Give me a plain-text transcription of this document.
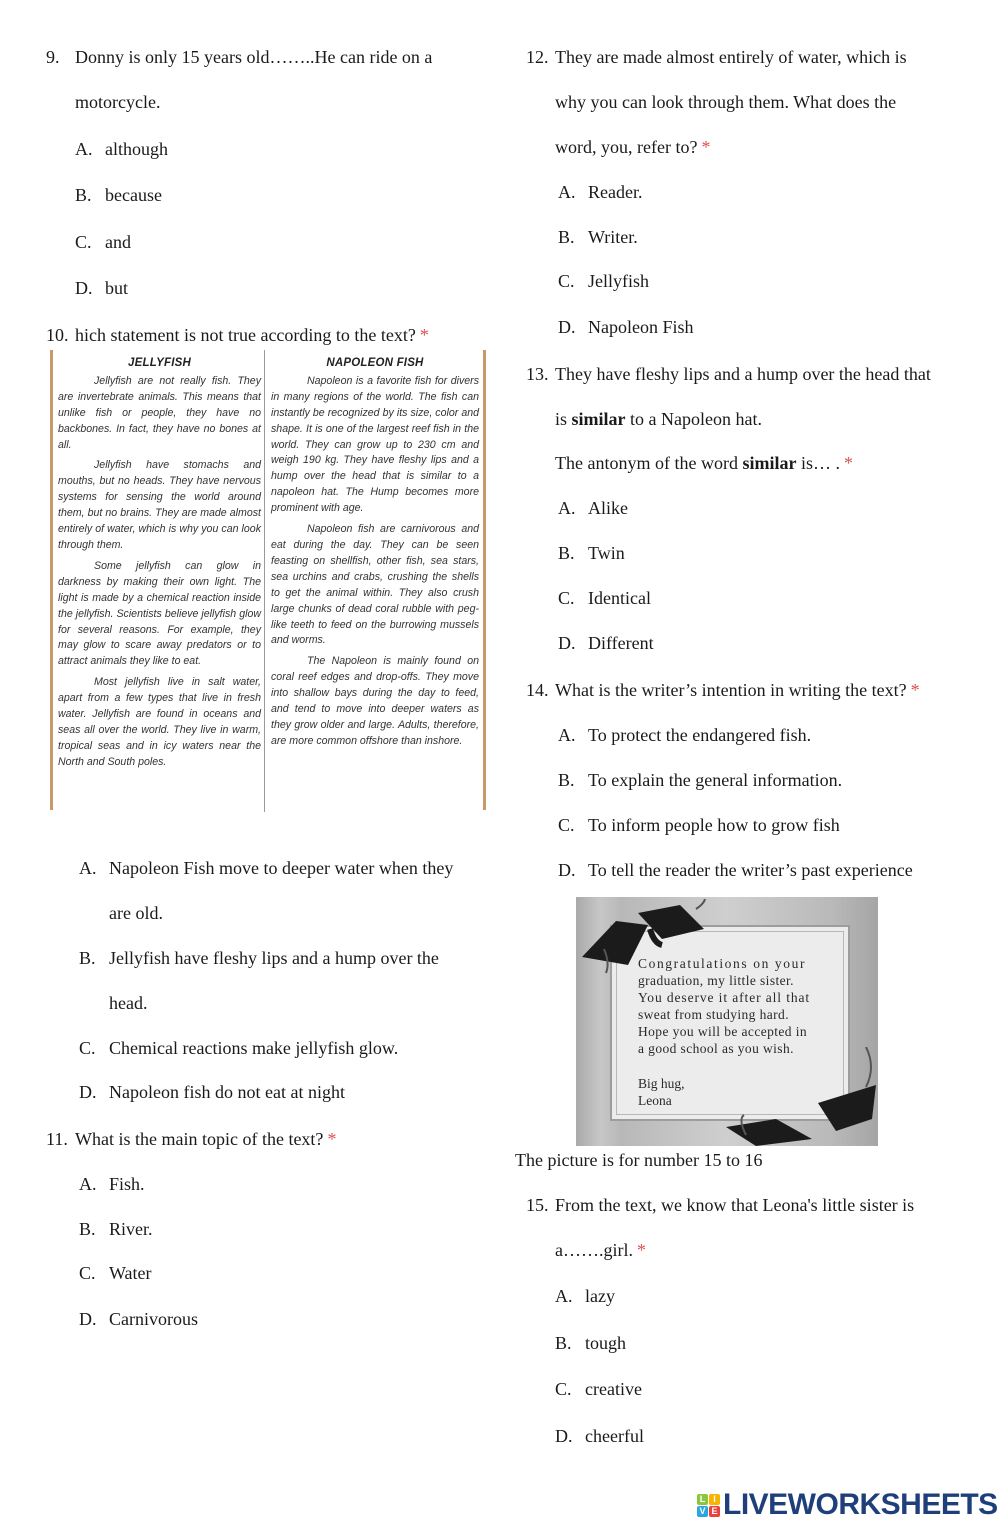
9. Donny is only 15 years old……..He can ride on a
motorcycle.
A. although
B. because
C. and
D. but
10. hich statement is not true according to the text? *
JELLYFISH

Jellyfish are not really fish. They are invertebrate animals. This means that unlike fish or people, they have no backbones. In fact, they have no bones at all.

Jellyfish have stomachs and mouths, but no heads. They have nervous systems for sensing the world around them, but no brains. They are made almost entirely of water, which is why you can look through them.

Some jellyfish can glow in darkness by making their own light. The light is made by a chemical reaction inside the jellyfish. Scientists believe jellyfish glow for several reasons. For example, they may glow to scare away predators or to attract animals they like to eat.

Most jellyfish live in salt water, apart from a few types that live in fresh water. Jellyfish are found in oceans and seas all over the world. They live in warm, tropical seas and in icy waters near the North and South poles.

NAPOLEON FISH

Napoleon is a favorite fish for divers in many regions of the world. The fish can instantly be recognized by its size, color and shape. It is one of the largest reef fish in the world. They can grow up to 230 cm and weigh 190 kg. They have fleshy lips and a hump over the head that is similar to a napoleon hat. The Hump becomes more prominent with age.

Napoleon fish are carnivorous and eat during the day. They can be seen feasting on shellfish, other fish, sea stars, sea urchins and crabs, crushing the shells to get the animal within. They also crush large chunks of dead coral rubble with peg-like teeth to feed on the burrowing mussels and worms.

The Napoleon is mainly found on coral reef edges and drop-offs. They move into shallow bays during the day to feed, and tend to move into deeper waters as they grow older and large. Adults, therefore, are more common offshore than inshore.

A. Napoleon Fish move to deeper water when they
are old.
B. Jellyfish have fleshy lips and a hump over the
head.
C. Chemical reactions make jellyfish glow.
D. Napoleon fish do not eat at night
11. What is the main topic of the text? *
A. Fish.
B. River.
C. Water
D. Carnivorous
12. They are made almost entirely of water, which is
why you can look through them. What does the
word, you, refer to? *
A. Reader.
B. Writer.
C. Jellyfish
D. Napoleon Fish
13. They have fleshy lips and a hump over the head that
is similar to a Napoleon hat.
The antonym of the word similar is… . *
A. Alike
B. Twin
C. Identical
D. Different
14. What is the writer’s intention in writing the text? *
A. To protect the endangered fish.
B. To explain the general information.
C. To inform people how to grow fish
D. To tell the reader the writer’s past experience
Congratulations on your
graduation, my little sister.
You deserve it after all that
sweat from studying hard.
Hope you will be accepted in
a good school as you wish.
Big hug,
Leona
The picture is for number 15 to 16
15. From the text, we know that Leona's little sister is
a…….girl. *
A. lazy
B. tough
C. creative
D. cheerful
L I
V E LIVEWORKSHEETS
